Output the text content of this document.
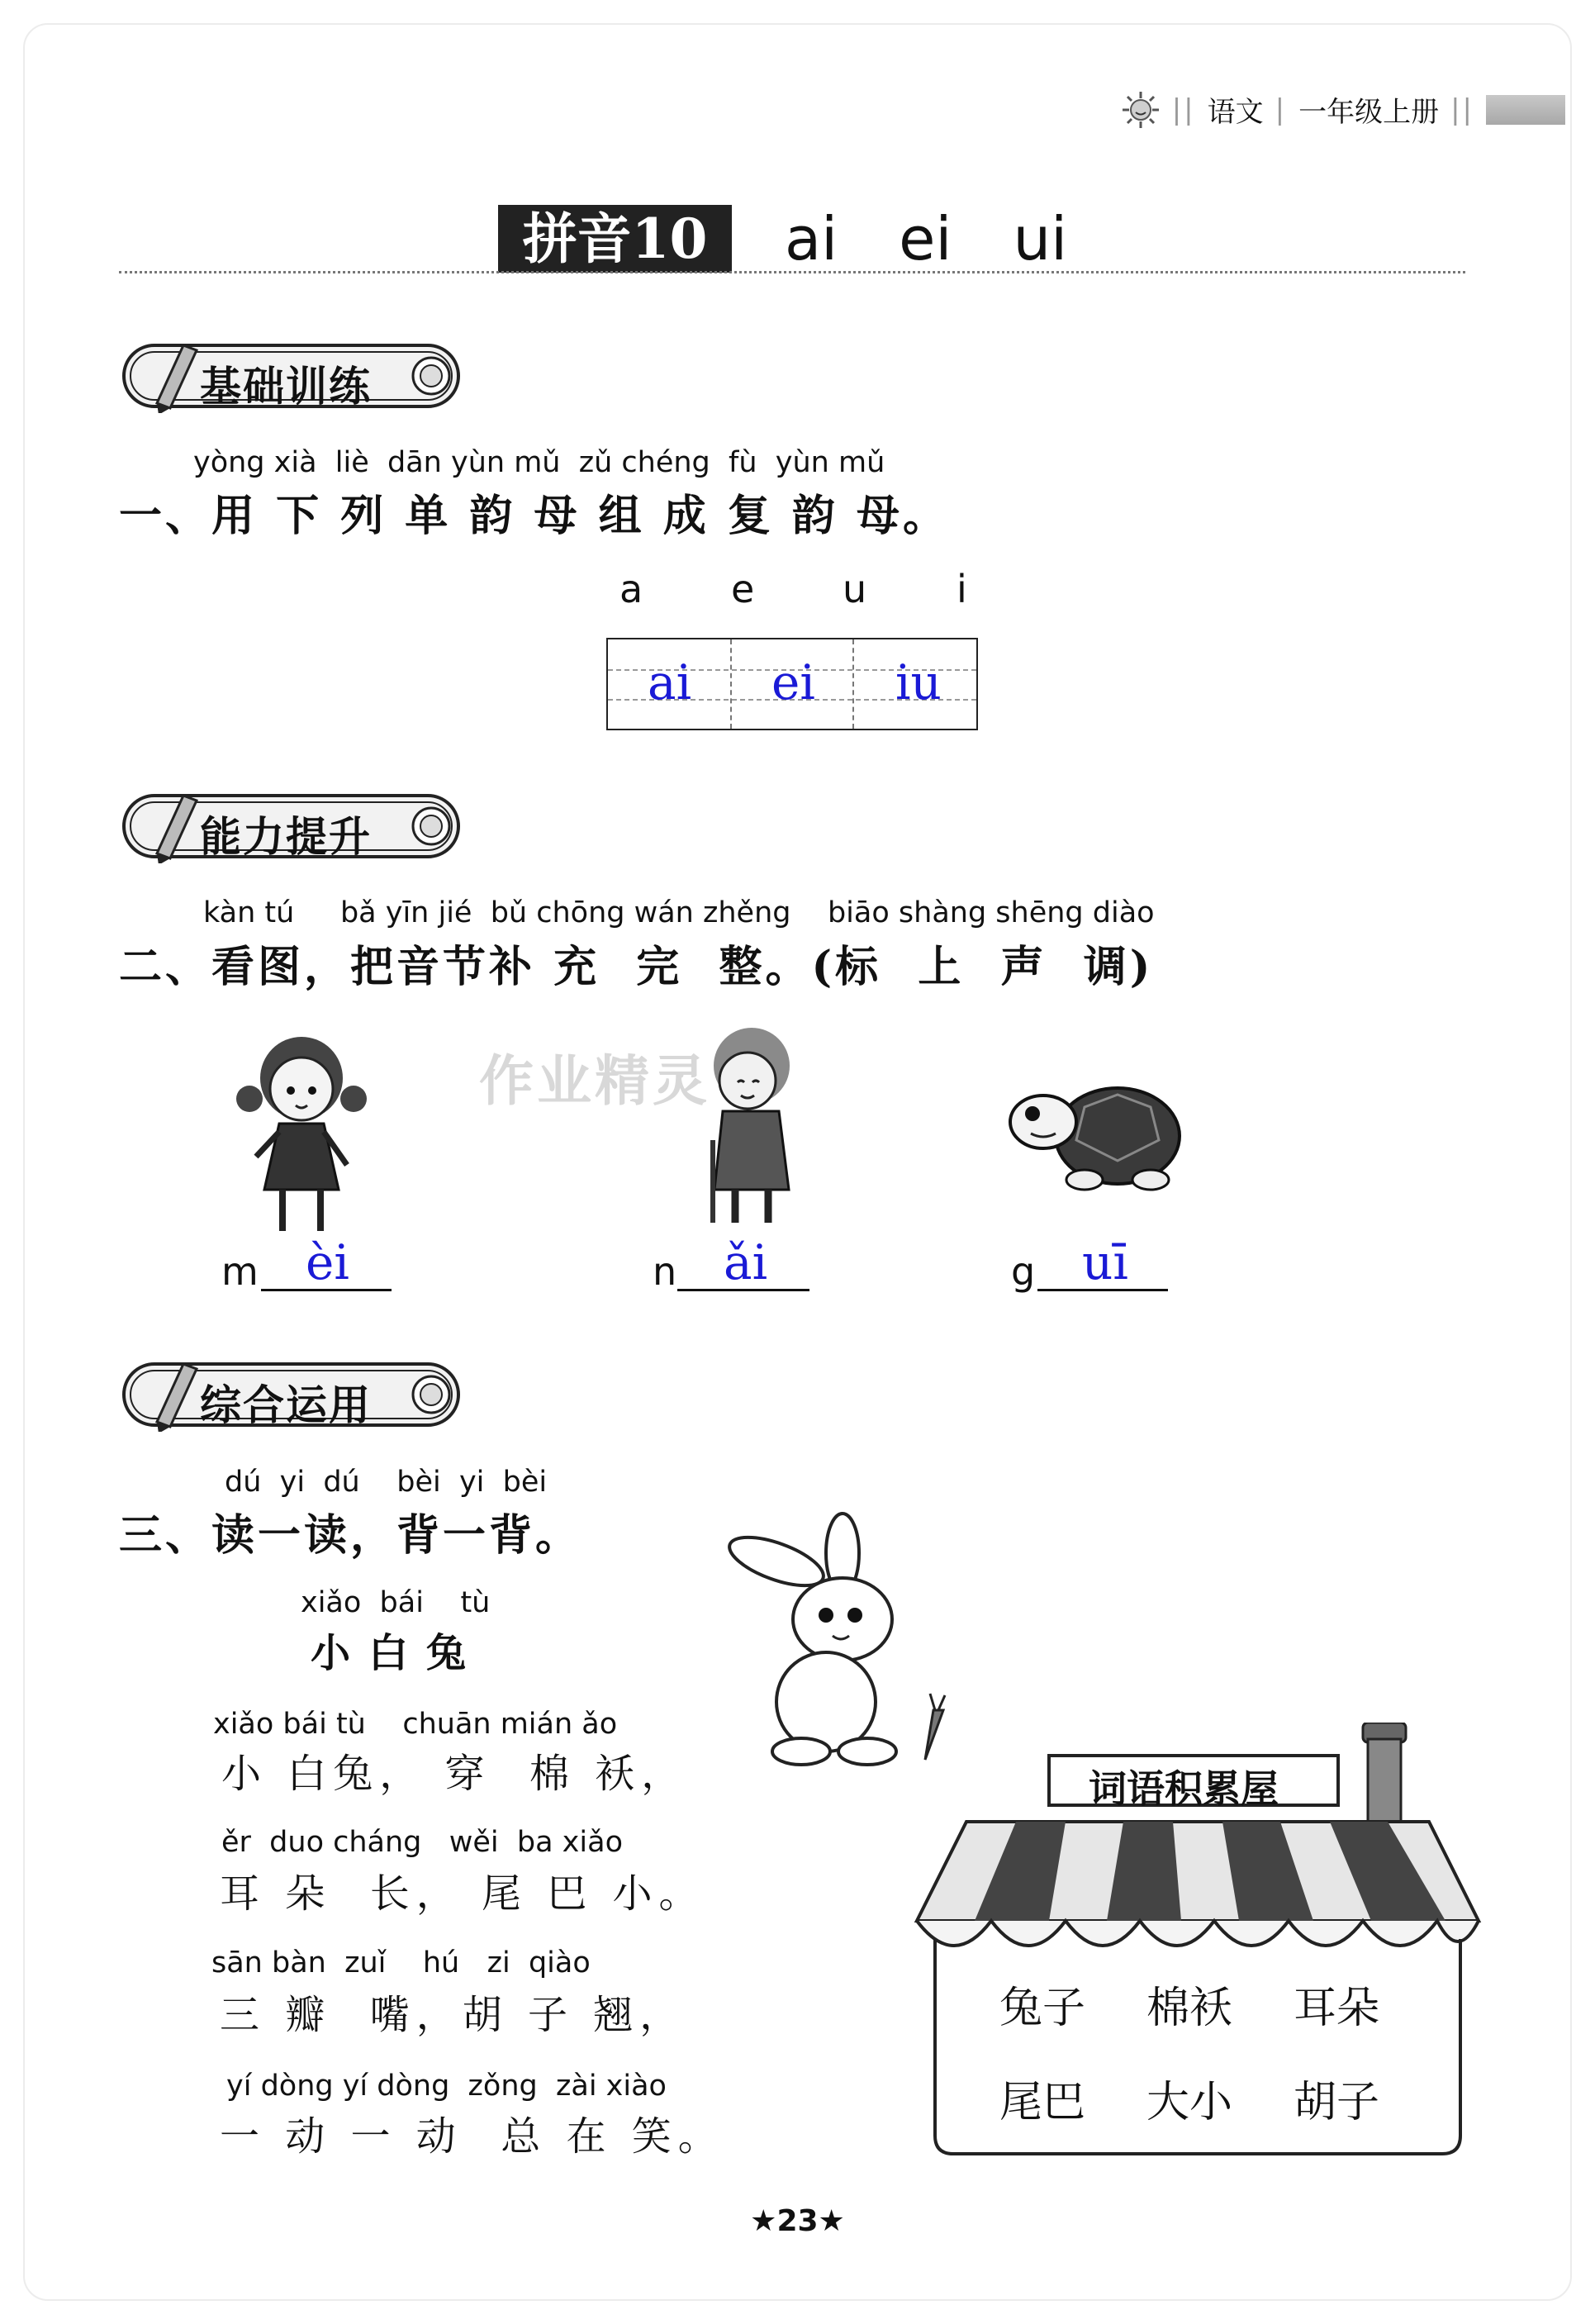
|| 语文 | 一年级上册 ||
拼音10	ai ei ui
基础训练
yòng xià  liè  dān yùn mǔ  zǔ chéng  fù  yùn mǔ
一、用 下 列 单 韵 母 组 成 复 韵 母。
a e u i
ai ei iu
能力提升
kàn tú     bǎ yīn jié  bǔ chōng wán zhěng    biāo shàng shēng diào
二、看图，把音节补 充  完  整。(标  上  声  调)
作业精灵
m èi	n ǎi	g uī
综合运用
dú  yi  dú    bèi  yi  bèi
三、读一读，背一背。
xiǎo  bái    tù
小白兔
xiǎo bái tù    chuān mián ǎo
小 白兔， 穿  棉 袄，
ěr  duo cháng   wěi  ba xiǎo
耳 朵  长， 尾 巴 小。
sān bàn  zuǐ    hú   zi  qiào
三 瓣  嘴，胡 子 翘，
yí dòng yí dòng  zǒng  zài xiào
一 动 一 动  总 在 笑。
词语积累屋
兔子 棉袄 耳朵
尾巴 大小 胡子
★23★
